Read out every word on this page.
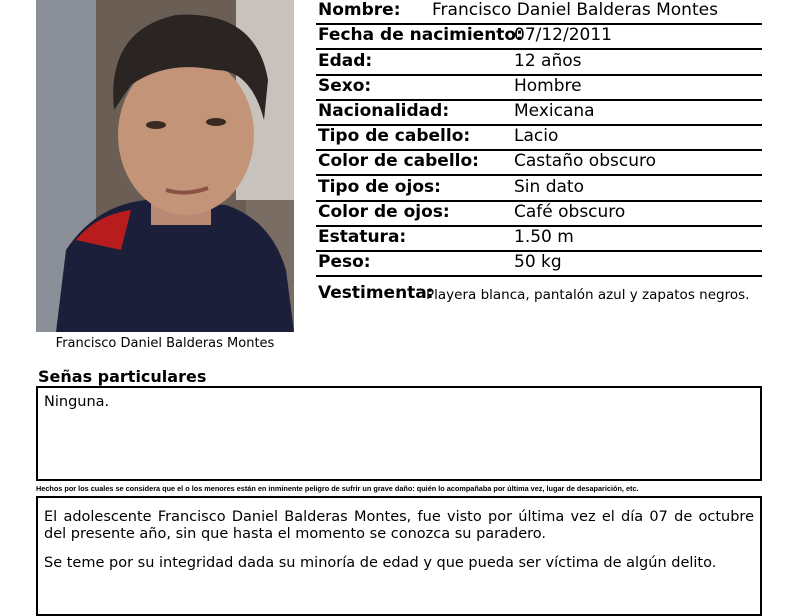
Francisco Daniel Balderas Montes
Nombre: Francisco Daniel Balderas Montes
Fecha de nacimiento:
07/12/2011
Edad:	12 años
Sexo:	Hombre
Nacionalidad:	Mexicana
Tipo de cabello:	Lacio
Color de cabello: Castaño obscuro
Tipo de ojos:	Sin dato
Color de ojos:	Café obscuro
Estatura:	1.50 m
Peso:	50 kg
Vestimenta:
Playera blanca, pantalón azul y zapatos negros.
Señas particulares
Ninguna.
Hechos por los cuales se considera que el o los menores están en inminente peligro de sufrir un grave daño: quién lo acompañaba por última vez, lugar de desaparición, etc.

El adolescente Francisco Daniel Balderas Montes, fue visto por última vez el día 07 de octubre del presente año, sin que hasta el momento se conozca su paradero.

Se teme por su integridad dada su minoría de edad y que pueda ser víctima de algún delito.
